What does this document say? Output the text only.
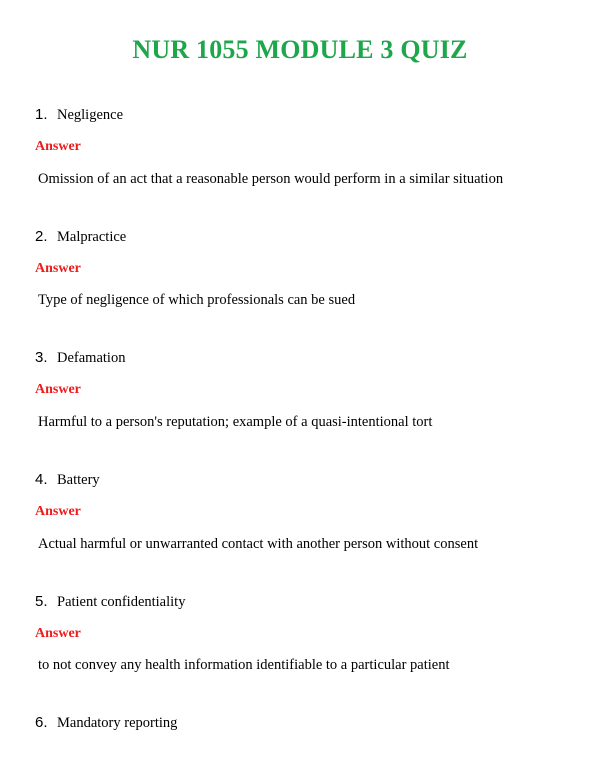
NUR 1055 MODULE 3 QUIZ
1. Negligence
Answer
Omission of an act that a reasonable person would perform in a similar situation
2. Malpractice
Answer
Type of negligence of which professionals can be sued
3. Defamation
Answer
Harmful to a person's reputation; example of a quasi-intentional tort
4. Battery
Answer
Actual harmful or unwarranted contact with another person without consent
5. Patient confidentiality
Answer
to not convey any health information identifiable to a particular patient
6. Mandatory reporting
